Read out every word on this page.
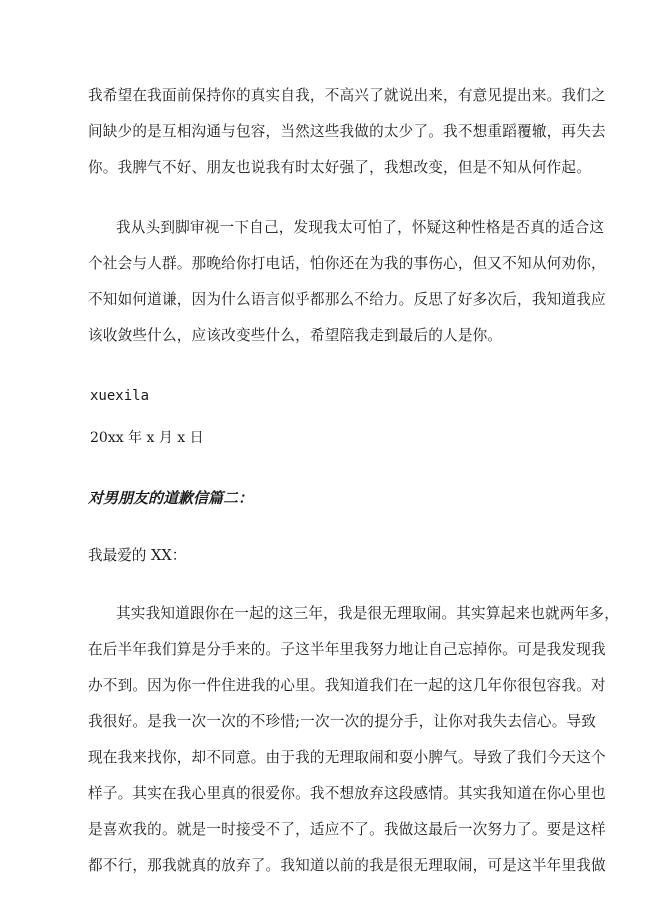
我希望在我面前保持你的真实自我，不高兴了就说出来，有意见提出来。我们之
间缺少的是互相沟通与包容，当然这些我做的太少了。我不想重蹈覆辙，再失去
你。我脾气不好、朋友也说我有时太好强了，我想改变，但是不知从何作起。

我从头到脚审视一下自己，发现我太可怕了，怀疑这种性格是否真的适合这
个社会与人群。那晚给你打电话，怕你还在为我的事伤心，但又不知从何劝你，
不知如何道谦，因为什么语言似乎都那么不给力。反思了好多次后，我知道我应
该收敛些什么，应该改变些什么，希望陪我走到最后的人是你。

xuexila

20xx 年 x 月 x 日

对男朋友的道歉信篇二：

我最爱的 XX：

其实我知道跟你在一起的这三年，我是很无理取闹。其实算起来也就两年多，
在后半年我们算是分手来的。子这半年里我努力地让自己忘掉你。可是我发现我
办不到。因为你一件住进我的心里。我知道我们在一起的这几年你很包容我。对
我很好。是我一次一次的不珍惜;一次一次的提分手，让你对我失去信心。导致
现在我来找你，却不同意。由于我的无理取闹和耍小脾气。导致了我们今天这个
样子。其实在我心里真的很爱你。我不想放弃这段感情。其实我知道在你心里也
是喜欢我的。就是一时接受不了，适应不了。我做这最后一次努力了。要是这样
都不行，那我就真的放弃了。我知道以前的我是很无理取闹，可是这半年里我做
